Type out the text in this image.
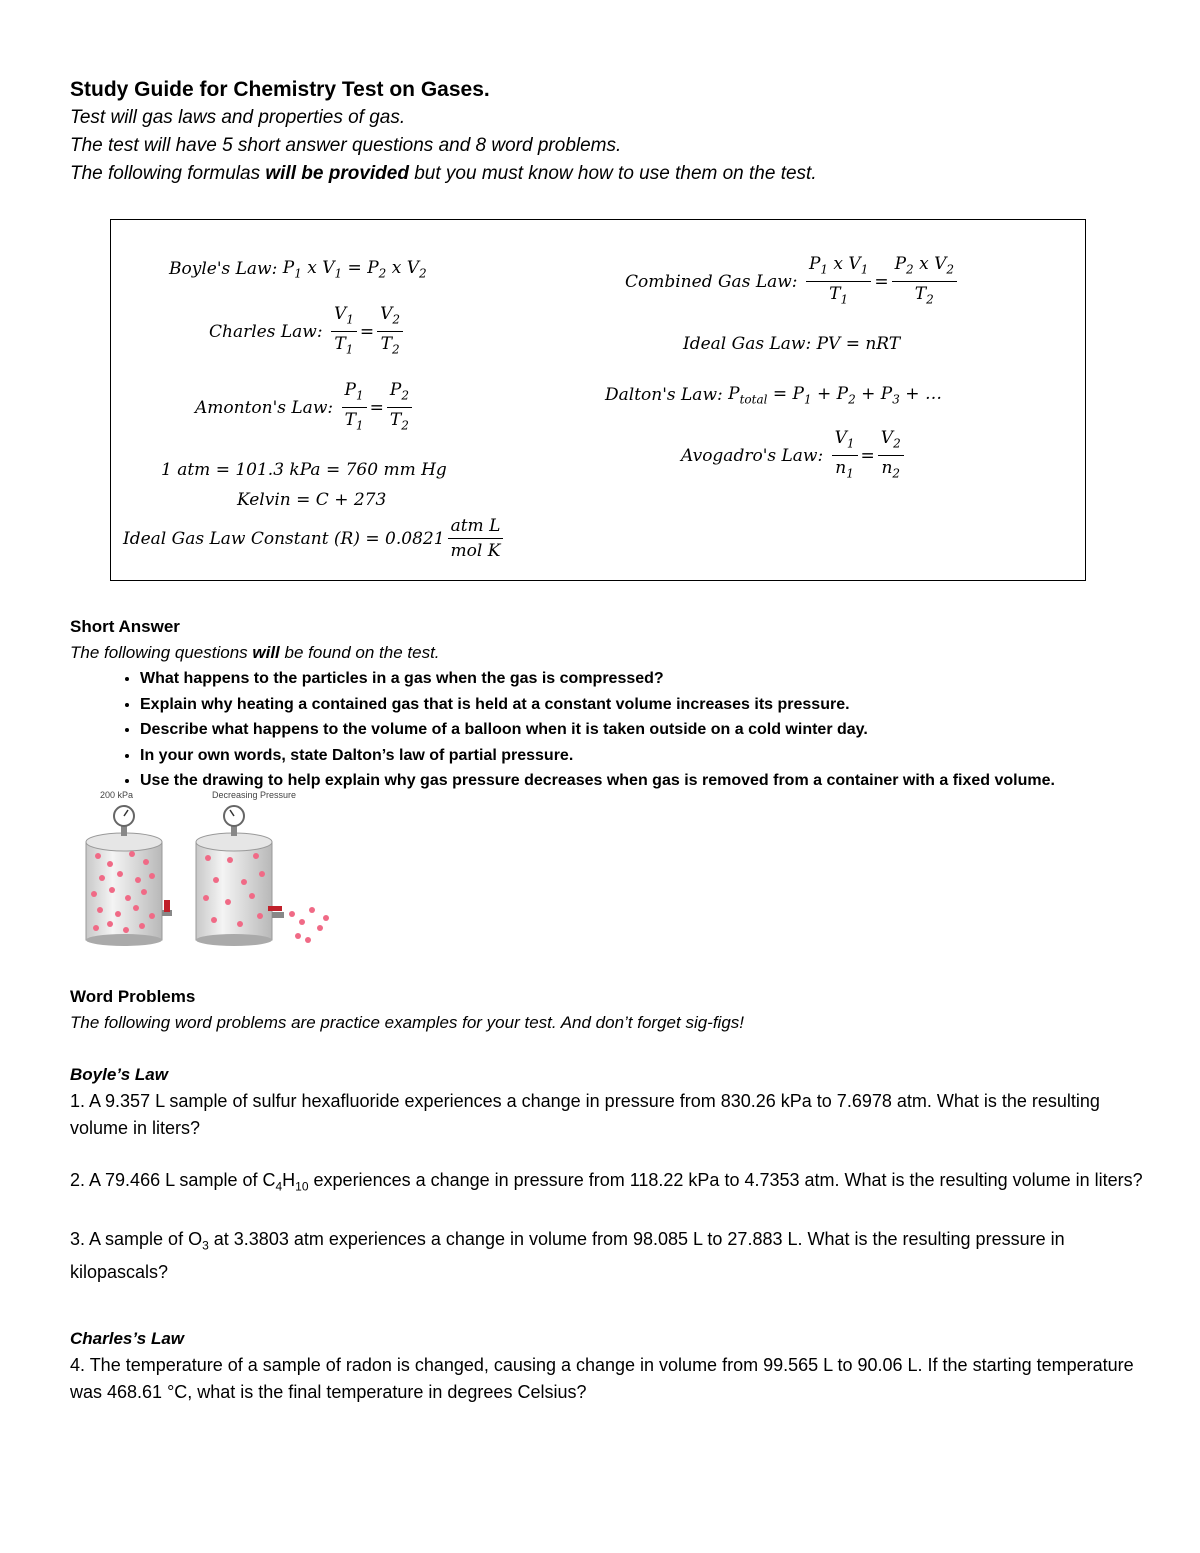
Study Guide for Chemistry Test on Gases.
Test will gas laws and properties of gas.
The test will have 5 short answer questions and 8 word problems.
The following formulas will be provided but you must know how to use them on the test.
Boyle's Law:
$P_1$ x $V_1 = P_2$ x $V_2$
Charles Law:
$\frac{V_1}{T_1} = \frac{V_2}{T_2}$
Amonton's Law:
$\frac{P_1}{T_1} = \frac{P_2}{T_2}$
1 atm = 101.3 kPa = 760 mm Hg
Kelvin = C + 273
Ideal Gas Law Constant $(R) = 0.0821 \frac{\text{atm L}}{\text{mol K}}$
Combined Gas Law:
$\frac{P_1 x V_1}{T_1} = \frac{P_2 x V_2}{T_2}$
Ideal Gas Law: PV = nRT
Dalton's Law:
$P_{total} = P_1 + P_2 + P_3$ + …
Avogadro's Law:
$\frac{V_1}{n_1} = \frac{V_2}{n_2}$
Short Answer
The following questions will be found on the test.
• What happens to the particles in a gas when the gas is compressed?
• Explain why heating a contained gas that is held at a constant volume increases its pressure.
• Describe what happens to the volume of a balloon when it is taken outside on a cold winter day.
• In your own words, state Dalton’s law of partial pressure.
• Use the drawing to help explain why gas pressure decreases when gas is removed from a container with a fixed volume.
200 kPa	Decreasing Pressure
Word Problems
The following word problems are practice examples for your test. And don’t forget sig-figs!
Boyle’s Law
1. A 9.357 L sample of sulfur hexafluoride experiences a change in pressure from 830.26 kPa to 7.6978 atm. What is the resulting volume in liters?
2. A 79.466 L sample of $C_4H_{10}$ experiences a change in pressure from 118.22 kPa to 4.7353 atm. What is the resulting volume in liters?
3. A sample of $O_3$ at 3.3803 atm experiences a change in volume from 98.085 L to 27.883 L. What is the resulting pressure in kilopascals?
Charles’s Law
4. The temperature of a sample of radon is changed, causing a change in volume from 99.565 L to 90.06 L. If the starting temperature was 468.61 °C, what is the final temperature in degrees Celsius?
